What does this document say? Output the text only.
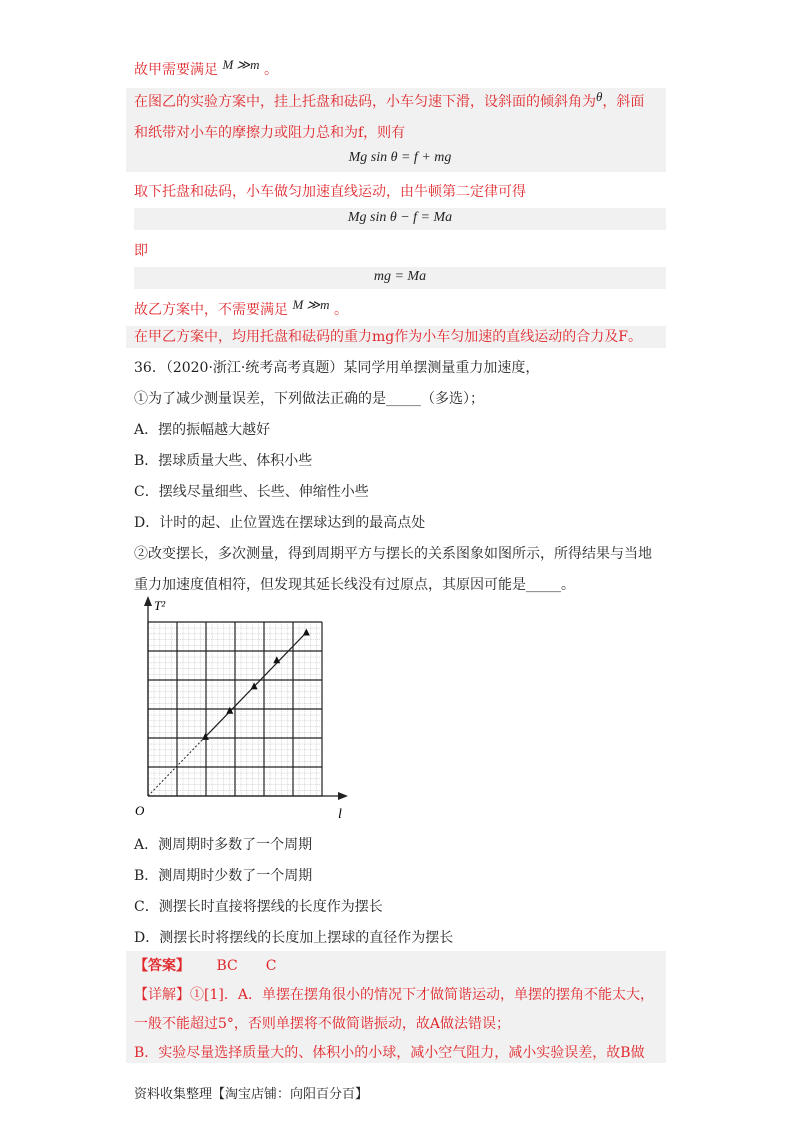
故甲需要满足 M ≫m 。
在图乙的实验方案中，挂上托盘和砝码，小车匀速下滑，设斜面的倾斜角为θ，斜面
和纸带对小车的摩擦力或阻力总和为f，则有
Mg sin θ = f + mg
取下托盘和砝码，小车做匀加速直线运动，由牛顿第二定律可得
Mg sin θ − f = Ma
即
mg = Ma
故乙方案中，不需要满足 M ≫m 。
在甲乙方案中，均用托盘和砝码的重力mg作为小车匀加速的直线运动的合力及F。
36．（2020·浙江·统考高考真题）某同学用单摆测量重力加速度，
①为了减少测量误差，下列做法正确的是_____（多选）；
A．摆的振幅越大越好
B．摆球质量大些、体积小些
C．摆线尽量细些、长些、伸缩性小些
D．计时的起、止位置选在摆球达到的最高点处
②改变摆长，多次测量，得到周期平方与摆长的关系图象如图所示，所得结果与当地
重力加速度值相符，但发现其延长线没有过原点，其原因可能是_____。
T²
l
O
A．测周期时多数了一个周期
B．测周期时少数了一个周期
C．测摆长时直接将摆线的长度作为摆长
D．测摆长时将摆线的长度加上摆球的直径作为摆长
【答案】 BC　　C
【详解】①[1]．A．单摆在摆角很小的情况下才做简谐运动，单摆的摆角不能太大，
一般不能超过5°，否则单摆将不做简谐振动，故A做法错误；
B．实验尽量选择质量大的、体积小的小球，减小空气阻力，减小实验误差，故B做
资料收集整理【淘宝店铺：向阳百分百】
